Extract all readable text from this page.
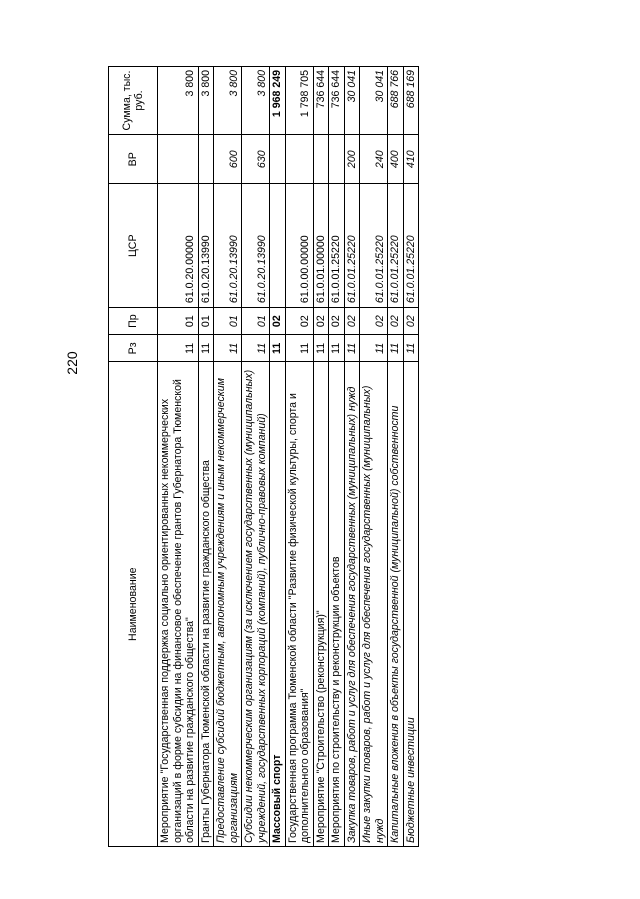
220
Наименование	Рз	Пр	ЦСР	ВР	Сумма, тыс. руб.
Мероприятие "Государственная поддержка социально ориентированных некоммерческих организаций в форме субсидии на финансовое обеспечение грантов Губернатора Тюменской области на развитие гражданского общества"	11	01	61.0.20.00000		3 800
Гранты Губернатора Тюменской области на развитие гражданского общества	11	01	61.0.20.13990		3 800
Предоставление субсидий бюджетным, автономным учреждениям и иным некоммерческим организациям	11	01	61.0.20.13990	600	3 800
Субсидии некоммерческим организациям (за исключением государственных (муниципальных) учреждений, государственных корпораций (компаний), публично-правовых компаний)	11	01	61.0.20.13990	630	3 800
Массовый спорт	11	02			1 968 249
Государственная программа Тюменской области "Развитие физической культуры, спорта и дополнительного образования"	11	02	61.0.00.00000		1 798 705
Мероприятие "Строительство (реконструкция)"	11	02	61.0.01.00000		736 644
Мероприятия по строительству и реконструкции объектов	11	02	61.0.01.25220		736 644
Закупка товаров, работ и услуг для обеспечения государственных (муниципальных) нужд	11	02	61.0.01.25220	200	30 041
Иные закупки товаров, работ и услуг для обеспечения государственных (муниципальных) нужд	11	02	61.0.01.25220	240	30 041
Капитальные вложения в объекты государственной (муниципальной) собственности	11	02	61.0.01.25220	400	688 766
Бюджетные инвестиции	11	02	61.0.01.25220	410	688 169
